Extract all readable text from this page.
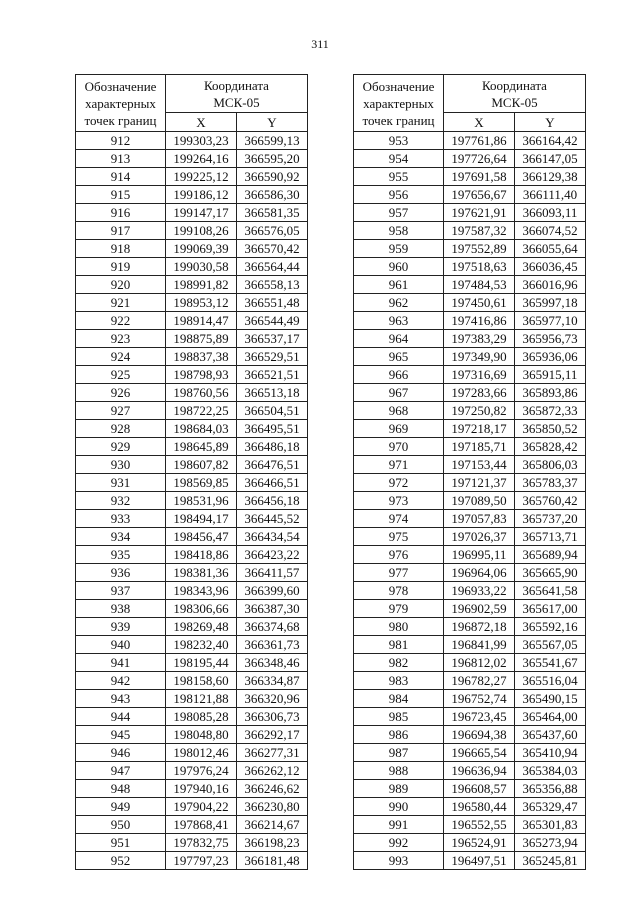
311
Обозначение
характерных
точек границ	Координата
МСК-05	

	X	Y
912	199303,23	366599,13
913	199264,16	366595,20
914	199225,12	366590,92
915	199186,12	366586,30
916	199147,17	366581,35
917	199108,26	366576,05
918	199069,39	366570,42
919	199030,58	366564,44
920	198991,82	366558,13
921	198953,12	366551,48
922	198914,47	366544,49
923	198875,89	366537,17
924	198837,38	366529,51
925	198798,93	366521,51
926	198760,56	366513,18
927	198722,25	366504,51
928	198684,03	366495,51
929	198645,89	366486,18
930	198607,82	366476,51
931	198569,85	366466,51
932	198531,96	366456,18
933	198494,17	366445,52
934	198456,47	366434,54
935	198418,86	366423,22
936	198381,36	366411,57
937	198343,96	366399,60
938	198306,66	366387,30
939	198269,48	366374,68
940	198232,40	366361,73
941	198195,44	366348,46
942	198158,60	366334,87
943	198121,88	366320,96
944	198085,28	366306,73
945	198048,80	366292,17
946	198012,46	366277,31
947	197976,24	366262,12
948	197940,16	366246,62
949	197904,22	366230,80
950	197868,41	366214,67
951	197832,75	366198,23
952	197797,23	366181,48
Обозначение
характерных
точек границ	Координата
МСК-05	

	X	Y
953	197761,86	366164,42
954	197726,64	366147,05
955	197691,58	366129,38
956	197656,67	366111,40
957	197621,91	366093,11
958	197587,32	366074,52
959	197552,89	366055,64
960	197518,63	366036,45
961	197484,53	366016,96
962	197450,61	365997,18
963	197416,86	365977,10
964	197383,29	365956,73
965	197349,90	365936,06
966	197316,69	365915,11
967	197283,66	365893,86
968	197250,82	365872,33
969	197218,17	365850,52
970	197185,71	365828,42
971	197153,44	365806,03
972	197121,37	365783,37
973	197089,50	365760,42
974	197057,83	365737,20
975	197026,37	365713,71
976	196995,11	365689,94
977	196964,06	365665,90
978	196933,22	365641,58
979	196902,59	365617,00
980	196872,18	365592,16
981	196841,99	365567,05
982	196812,02	365541,67
983	196782,27	365516,04
984	196752,74	365490,15
985	196723,45	365464,00
986	196694,38	365437,60
987	196665,54	365410,94
988	196636,94	365384,03
989	196608,57	365356,88
990	196580,44	365329,47
991	196552,55	365301,83
992	196524,91	365273,94
993	196497,51	365245,81
